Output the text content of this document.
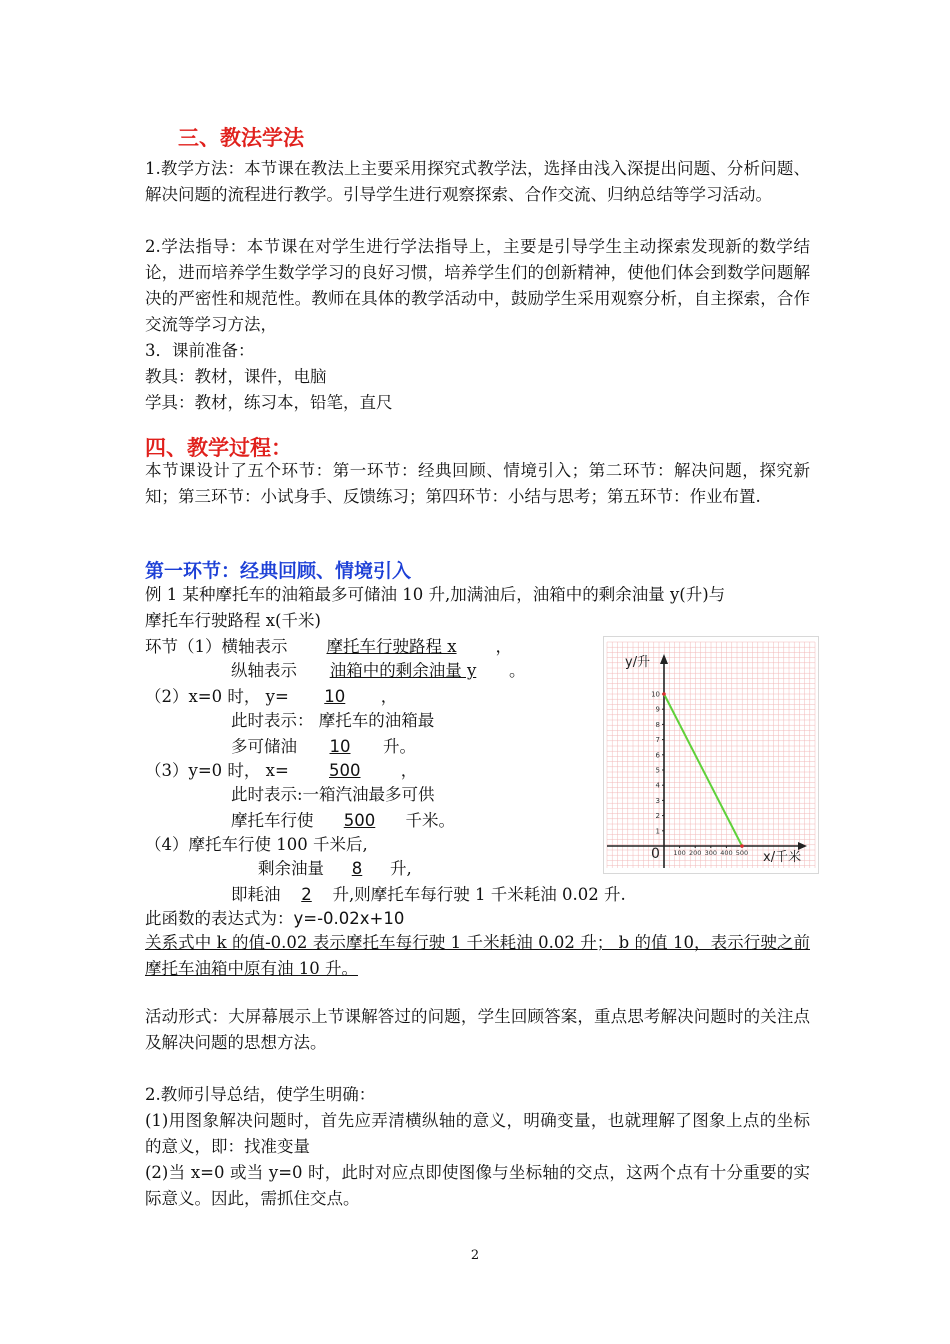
三、教法学法
1.教学方法：本节课在教法上主要采用探究式教学法，选择由浅入深提出问题、分析问题、解决问题的流程进行教学。引导学生进行观察探索、合作交流、归纳总结等学习活动。
2.学法指导：本节课在对学生进行学法指导上，主要是引导学生主动探索发现新的数学结论，进而培养学生数学学习的良好习惯，培养学生们的创新精神，使他们体会到数学问题解决的严密性和规范性。教师在具体的教学活动中，鼓励学生采用观察分析，自主探索，合作交流等学习方法，
3．课前准备：
教具：教材，课件，电脑
学具：教材，练习本，铅笔，直尺
四、教学过程：
本节课设计了五个环节：第一环节：经典回顾、情境引入；第二环节：解决问题，探究新知；第三环节：小试身手、反馈练习；第四环节：小结与思考；第五环节：作业布置.
第一环节：经典回顾、情境引入
例 1 某种摩托车的油箱最多可储油 10 升,加满油后，油箱中的剩余油量 y(升)与
摩托车行驶路程 x(千米)
环节（1）横轴表示 摩托车行驶路程 x ，
纵轴表示 油箱中的剩余油量 y 。
（2）x=0 时， y= 10 ，
此时表示： 摩托车的油箱最
多可储油 10 升。
（3）y=0 时， x= 500 ，
此时表示:一箱汽油最多可供
摩托车行使 500 千米。
（4）摩托车行使 100 千米后,
剩余油量 8 升,
即耗油 2 升,则摩托车每行驶 1 千米耗油 0.02 升.
此函数的表达式为：y=-0.02x+10
关系式中 k 的值-0.02 表示摩托车每行驶 1 千米耗油 0.02 升； b 的值 10，表示行驶之前摩托车油箱中原有油 10 升。
活动形式：大屏幕展示上节课解答过的问题，学生回顾答案，重点思考解决问题时的关注点及解决问题的思想方法。
2.教师引导总结，使学生明确：
(1)用图象解决问题时，首先应弄清横纵轴的意义，明确变量，也就理解了图象上点的坐标的意义，即：找准变量
(2)当 x=0 或当 y=0 时，此时对应点即使图像与坐标轴的交点，这两个点有十分重要的实际意义。因此，需抓住交点。
y/升
x/千米
0
1
2
3
4
5
6
7
8
9
10
100 200 300 400 500
2
